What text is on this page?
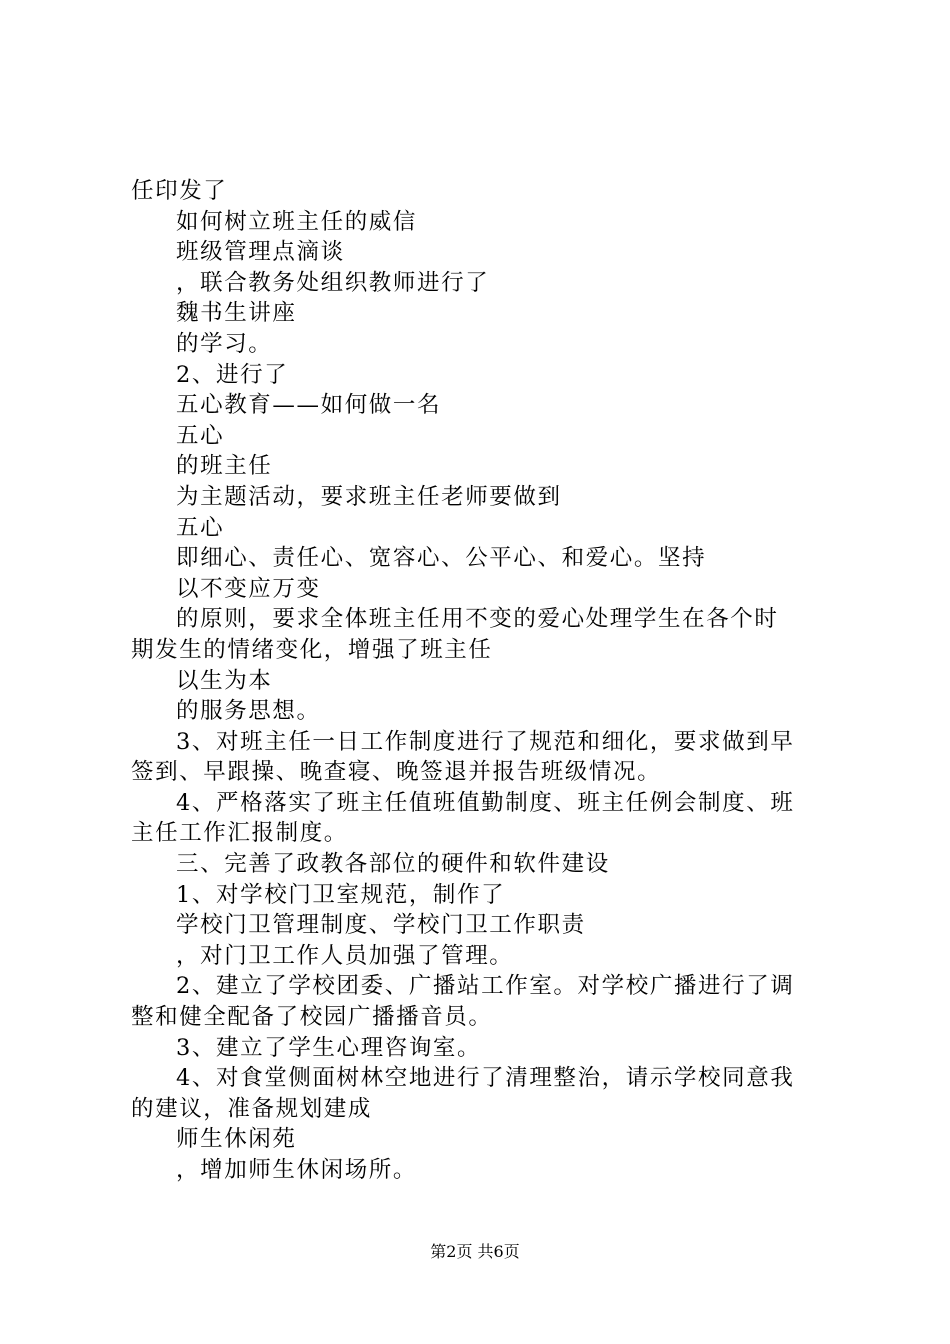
任印发了
如何树立班主任的威信
班级管理点滴谈
，联合教务处组织教师进行了
魏书生讲座
的学习。
2、进行了
五心教育——如何做一名
五心
的班主任
为主题活动，要求班主任老师要做到
五心
即细心、责任心、宽容心、公平心、和爱心。坚持
以不变应万变
的原则，要求全体班主任用不变的爱心处理学生在各个时
期发生的情绪变化，增强了班主任
以生为本
的服务思想。
3、对班主任一日工作制度进行了规范和细化，要求做到早
签到、早跟操、晚查寝、晚签退并报告班级情况。
4、严格落实了班主任值班值勤制度、班主任例会制度、班
主任工作汇报制度。
三、完善了政教各部位的硬件和软件建设
1、对学校门卫室规范，制作了
学校门卫管理制度、学校门卫工作职责
，对门卫工作人员加强了管理。
2、建立了学校团委、广播站工作室。对学校广播进行了调
整和健全配备了校园广播播音员。
3、建立了学生心理咨询室。
4、对食堂侧面树林空地进行了清理整治，请示学校同意我
的建议，准备规划建成
师生休闲苑
，增加师生休闲场所。
第2页 共6页
